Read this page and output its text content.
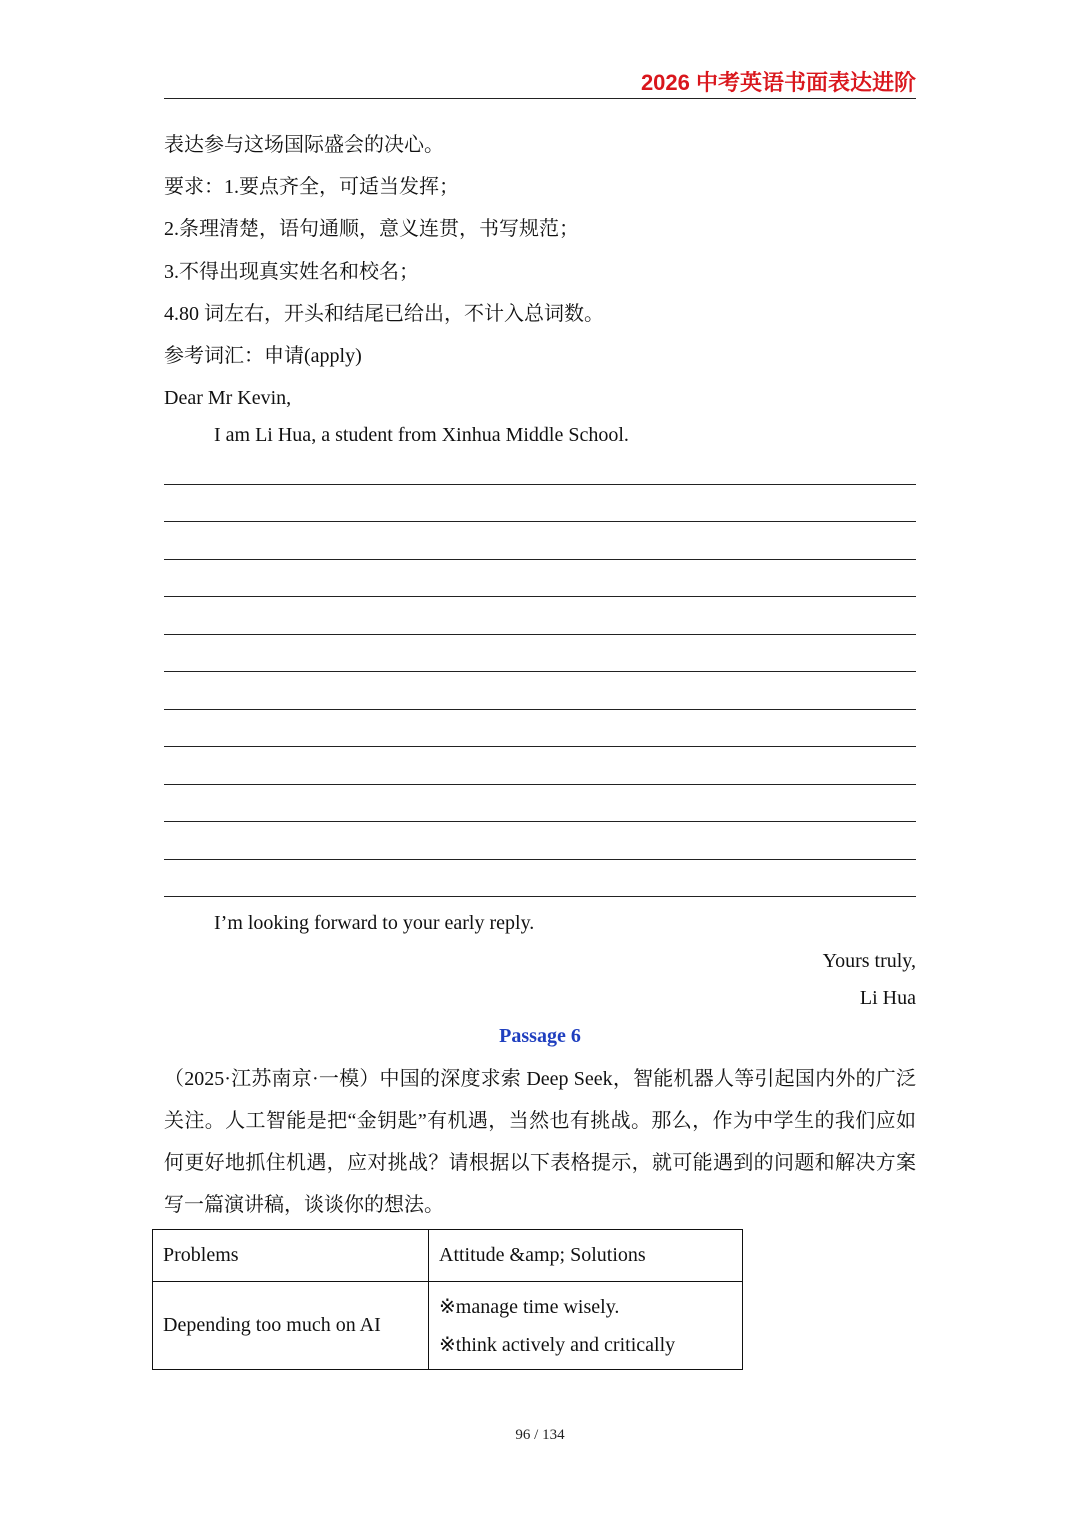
2026 中考英语书面表达进阶
表达参与这场国际盛会的决心。
要求：1.要点齐全，可适当发挥；
2.条理清楚，语句通顺，意义连贯，书写规范；
3.不得出现真实姓名和校名；
4.80 词左右，开头和结尾已给出，不计入总词数。
参考词汇：申请(apply)
Dear Mr Kevin,
I am Li Hua, a student from Xinhua Middle School.
I’m looking forward to your early reply.
Yours truly,
Li Hua
Passage 6
（2025·江苏南京·一模）中国的深度求索 Deep Seek，智能机器人等引起国内外的广泛关注。人工智能是把“金钥匙”有机遇，当然也有挑战。那么，作为中学生的我们应如何更好地抓住机遇，应对挑战？请根据以下表格提示，就可能遇到的问题和解决方案写一篇演讲稿，谈谈你的想法。
Problems	Attitude &amp; Solutions
Depending too much on AI	※manage time wisely.
※think actively and critically
96 / 134
